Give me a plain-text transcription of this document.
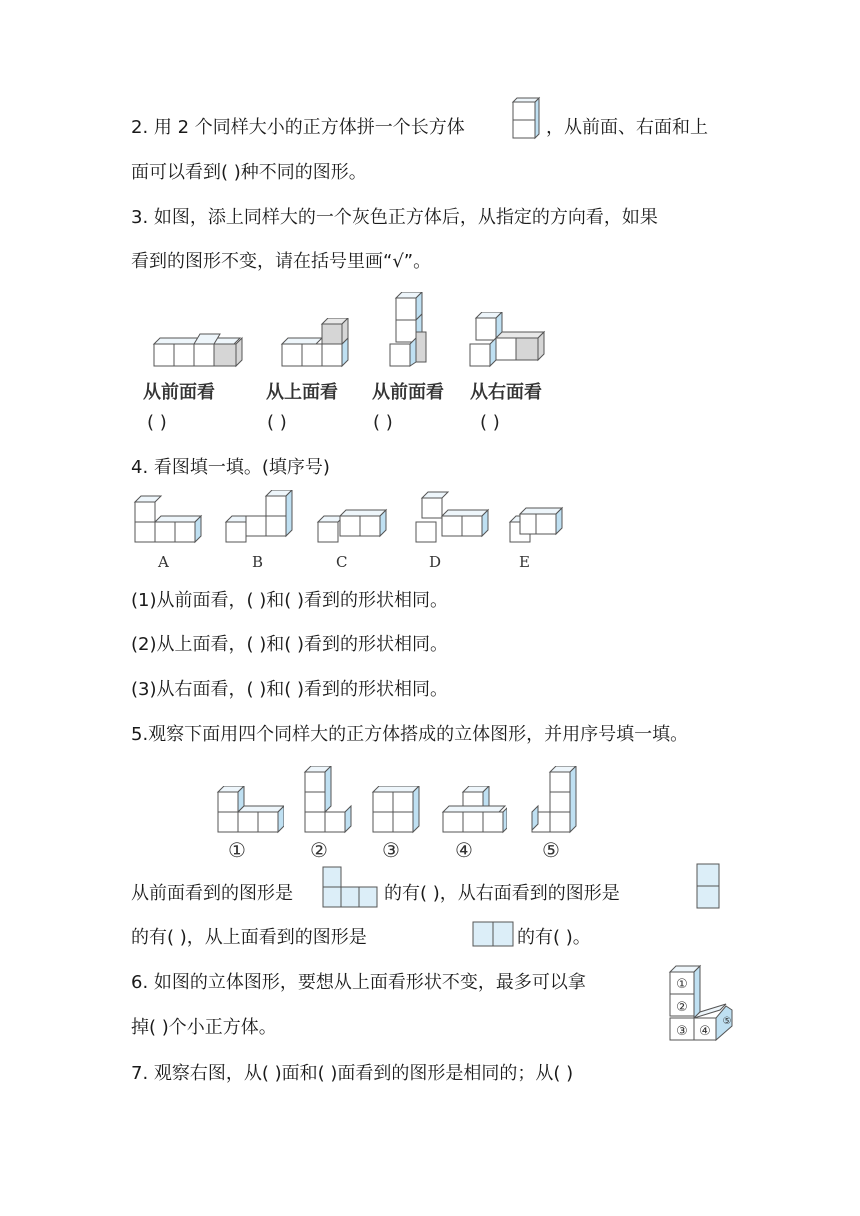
2. 用 2 个同样大小的正方体拼一个长方体	，从前面、右面和上
面可以看到( )种不同的图形。
3. 如图，添上同样大的一个灰色正方体后，从指定的方向看，如果
看到的图形不变，请在括号里画“√”。
从前面看	从上面看 从前面看 从右面看
( )	( )	( )	( )
4. 看图填一填。(填序号)
A	B	C	D	E
(1)从前面看，( )和( )看到的形状相同。
(2)从上面看，( )和( )看到的形状相同。
(3)从右面看，( )和( )看到的形状相同。
5.观察下面用四个同样大的正方体搭成的立体图形，并用序号填一填。
①	②	③	④	⑤
从前面看到的图形是	的有( )，从右面看到的图形是
的有( )，从上面看到的图形是	的有( )。
6. 如图的立体图形，要想从上面看形状不变，最多可以拿
掉( )个小正方体。
①
②
③ ④
⑤
7. 观察右图，从( )面和( )面看到的图形是相同的；从( )
